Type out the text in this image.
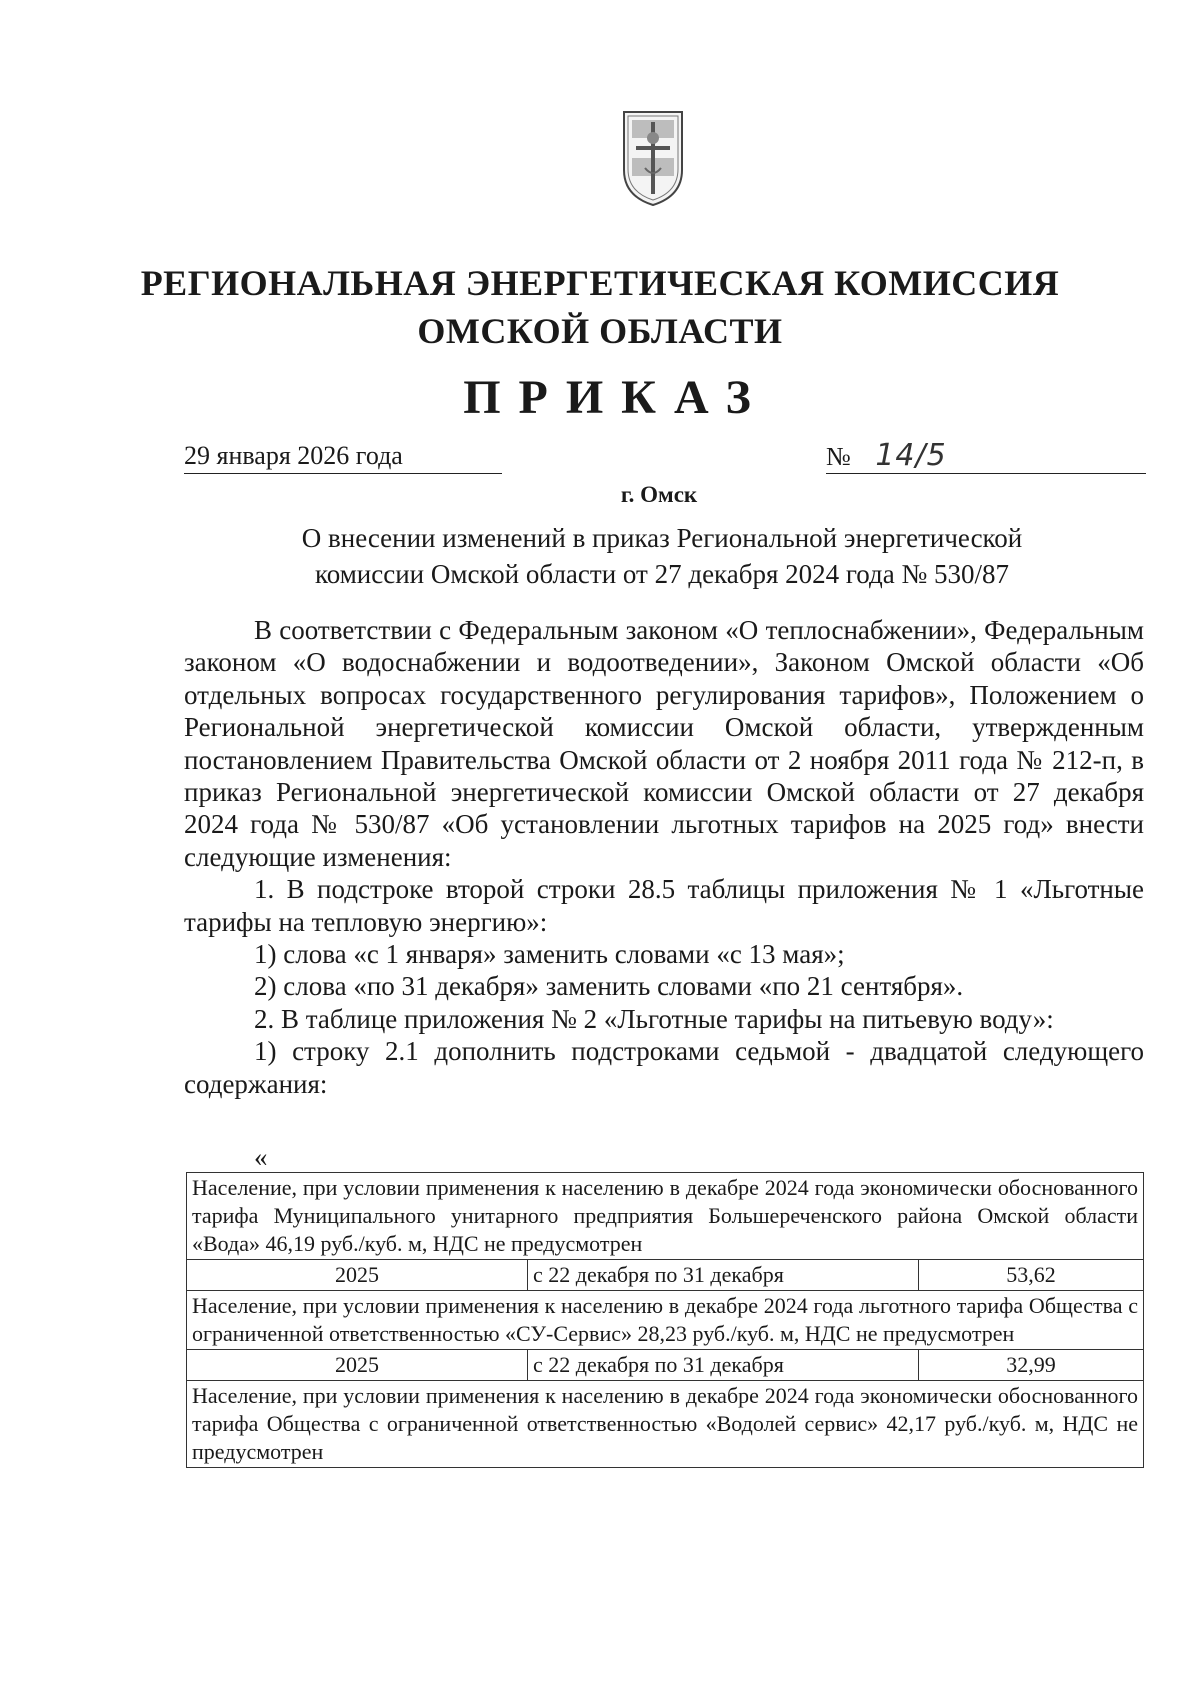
РЕГИОНАЛЬНАЯ ЭНЕРГЕТИЧЕСКАЯ КОМИССИЯ
ОМСКОЙ ОБЛАСТИ
ПРИКАЗ
29 января 2026 года	№ 14/5
г. Омск
О внесении изменений в приказ Региональной энергетической
комиссии Омской области от 27 декабря 2024 года № 530/87

В соответствии с Федеральным законом «О теплоснабжении», Федеральным законом «О водоснабжении и водоотведении», Законом Омской области «Об отдельных вопросах государственного регулирования тарифов», Положением о Региональной энергетической комиссии Омской области, утвержденным постановлением Правительства Омской области от 2 ноября 2011 года № 212-п, в приказ Региональной энергетической комиссии Омской области от 27 декабря 2024 года № 530/87 «Об установлении льготных тарифов на 2025 год» внести следующие изменения:

1. В подстроке второй строки 28.5 таблицы приложения № 1 «Льготные тарифы на тепловую энергию»:

1) слова «с 1 января» заменить словами «с 13 мая»;

2) слова «по 31 декабря» заменить словами «по 21 сентября».

2. В таблице приложения № 2 «Льготные тарифы на питьевую воду»:

1) строку 2.1 дополнить подстроками седьмой - двадцатой следующего содержания:

«
Население, при условии применения к населению в декабре 2024 года экономически обоснованного тарифа Муниципального унитарного предприятия Большереченского района Омской области «Вода» 46,19 руб./куб. м, НДС не предусмотрен		
2025	с 22 декабря по 31 декабря	53,62
Население, при условии применения к населению в декабре 2024 года льготного тарифа Общества с ограниченной ответственностью «СУ-Сервис» 28,23 руб./куб. м, НДС не предусмотрен		
2025	с 22 декабря по 31 декабря	32,99
Население, при условии применения к населению в декабре 2024 года экономически обоснованного тарифа Общества с ограниченной ответственностью «Водолей сервис» 42,17 руб./куб. м, НДС не предусмотрен		
